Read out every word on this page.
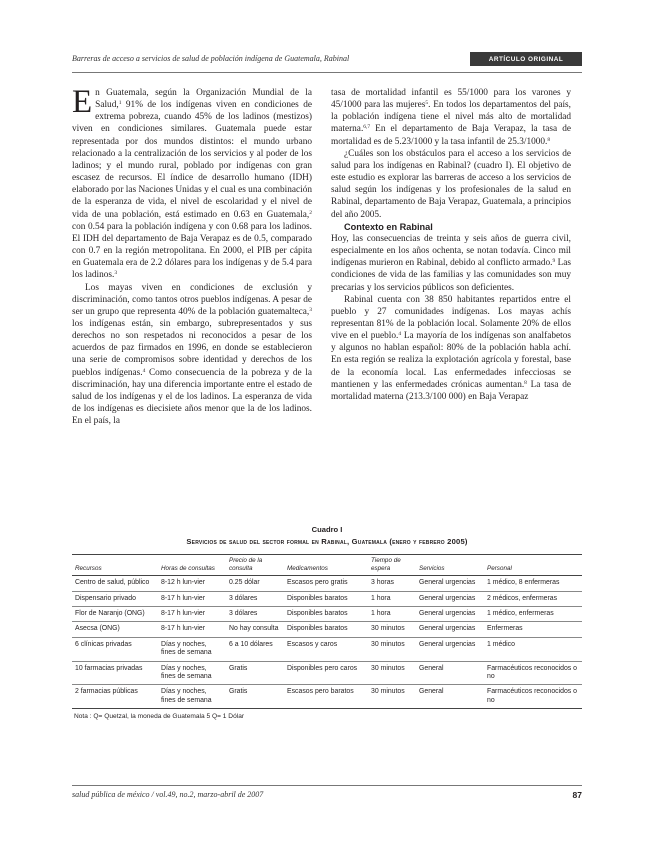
Barreras de acceso a servicios de salud de población indígena de Guatemala, Rabinal	ARTÍCULO ORIGINAL

En Guatemala, según la Organización Mundial de la Salud,$^1$ 91% de los indígenas viven en condiciones de extrema pobreza, cuando 45% de los ladinos (mestizos) viven en condiciones similares. Guatemala puede estar representada por dos mundos distintos: el mundo urbano relacionado a la centralización de los servicios y al poder de los ladinos; y el mundo rural, poblado por indígenas con gran escasez de recursos. El índice de desarrollo humano (IDH) elaborado por las Naciones Unidas y el cual es una combinación de la esperanza de vida, el nivel de escolaridad y el nivel de vida de una población, está estimado en 0.63 en Guatemala,$^2$ con 0.54 para la población indígena y con 0.68 para los ladinos. El IDH del departamento de Baja Verapaz es de 0.5, comparado con 0.7 en la región metropolitana. En 2000, el PIB per cápita en Guatemala era de 2.2 dólares para los indígenas y de 5.4 para los ladinos.$^3$

Los mayas viven en condiciones de exclusión y discriminación, como tantos otros pueblos indígenas. A pesar de ser un grupo que representa 40% de la población guatemalteca,$^3$ los indígenas están, sin embargo, subrepresentados y sus derechos no son respetados ni reconocidos a pesar de los acuerdos de paz firmados en 1996, en donde se establecieron una serie de compromisos sobre identidad y derechos de los pueblos indígenas.$^4$ Como consecuencia de la pobreza y de la discriminación, hay una diferencia importante entre el estado de salud de los indígenas y el de los ladinos. La esperanza de vida de los indígenas es diecisiete años menor que la de los ladinos. En el país, la

tasa de mortalidad infantil es 55/1000 para los varones y 45/1000 para las mujeres$^5$. En todos los departamentos del país, la población indígena tiene el nivel más alto de mortalidad materna.$^{6,7}$ En el departamento de Baja Verapaz, la tasa de mortalidad es de 5.23/1000 y la tasa infantil de 25.3/1000.$^8$

¿Cuáles son los obstáculos para el acceso a los servicios de salud para los indígenas en Rabinal? (cuadro I). El objetivo de este estudio es explorar las barreras de acceso a los servicios de salud según los indígenas y los profesionales de la salud en Rabinal, departamento de Baja Verapaz, Guatemala, a principios del año 2005.

Contexto en Rabinal

Hoy, las consecuencias de treinta y seis años de guerra civil, especialmente en los años ochenta, se notan todavía. Cinco mil indígenas murieron en Rabinal, debido al conflicto armado.$^9$ Las condiciones de vida de las familias y las comunidades son muy precarias y los servicios públicos son deficientes.

Rabinal cuenta con 38 850 habitantes repartidos entre el pueblo y 27 comunidades indígenas. Los mayas achís representan 81% de la población local. Solamente 20% de ellos vive en el pueblo.$^4$ La mayoría de los indígenas son analfabetos y algunos no hablan español: 80% de la población habla achí. En esta región se realiza la explotación agrícola y forestal, base de la economía local. Las enfermedades infecciosas se mantienen y las enfermedades crónicas aumentan.$^8$ La tasa de mortalidad materna (213.3/100 000) en Baja Verapaz

Cuadro I
Servicios de salud del sector formal en Rabinal, Guatemala (enero y febrero 2005)
Recursos	Horas de consultas	Precio de la consulta	Medicamentos	Tiempo de espera	Servicios	Personal
Centro de salud, público	8-12 h lun-vier	0.25 dólar	Escasos pero gratis	3 horas	General urgencias	1 médico, 8 enfermeras
Dispensario privado	8-17 h lun-vier	3 dólares	Disponibles baratos	1 hora	General urgencias	2 médicos, enfermeras
Flor de Naranjo (ONG)	8-17 h lun-vier	3 dólares	Disponibles baratos	1 hora	General urgencias	1 médico, enfermeras
Asecsa (ONG)	8-17 h lun-vier	No hay consulta	Disponibles baratos	30 minutos	General urgencias	Enfermeras
6 clínicas privadas	Días y noches, fines de semana	6 a 10 dólares	Escasos y caros	30 minutos	General urgencias	1 médico
10 farmacias privadas	Días y noches, fines de semana	Gratis	Disponibles pero caros	30 minutos	General	Farmacéuticos reconocidos o no
2 farmacias públicas	Días y noches, fines de semana	Gratis	Escasos pero baratos	30 minutos	General	Farmacéuticos reconocidos o no
Nota : Q= Quetzal, la moneda de Guatemala 5 Q= 1 Dólar
salud pública de méxico / vol.49, no.2, marzo-abril de 2007	87
